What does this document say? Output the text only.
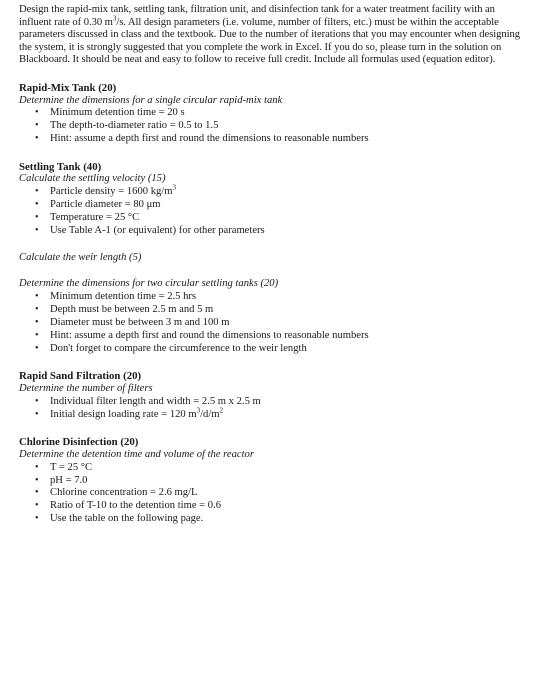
Design the rapid-mix tank, settling tank, filtration unit, and disinfection tank for a water treatment facility with an influent rate of 0.30 $m^3/s$. All design parameters (i.e. volume, number of filters, etc.) must be within the acceptable parameters discussed in class and the textbook. Due to the number of iterations that you may encounter when designing the system, it is strongly suggested that you complete the work in Excel. If you do so, please turn in the solution on Blackboard. It should be neat and easy to follow to receive full credit. Include all formulas used (equation editor).

Rapid-Mix Tank (20)

Determine the dimensions for a single circular rapid-mix tank

• Minimum detention time = 20 s
• The depth-to-diameter ratio = 0.5 to 1.5
• Hint: assume a depth first and round the dimensions to reasonable numbers

Settling Tank (40)

Calculate the settling velocity (15)

• Particle density = 1600 $kg/m^3$
• Particle diameter = 80 μm
• Temperature = 25 °C
• Use Table A-1 (or equivalent) for other parameters

Calculate the weir length (5)

Determine the dimensions for two circular settling tanks (20)

• Minimum detention time = 2.5 hrs
• Depth must be between 2.5 m and 5 m
• Diameter must be between 3 m and 100 m
• Hint: assume a depth first and round the dimensions to reasonable numbers
• Don't forget to compare the circumference to the weir length

Rapid Sand Filtration (20)

Determine the number of filters

• Individual filter length and width = 2.5 m x 2.5 m
• Initial design loading rate = 120 $m^3/d/m^2$

Chlorine Disinfection (20)

Determine the detention time and volume of the reactor

• T = 25 °C
• pH = 7.0
• Chlorine concentration = 2.6 mg/L
• Ratio of T-10 to the detention time = 0.6
• Use the table on the following page.
